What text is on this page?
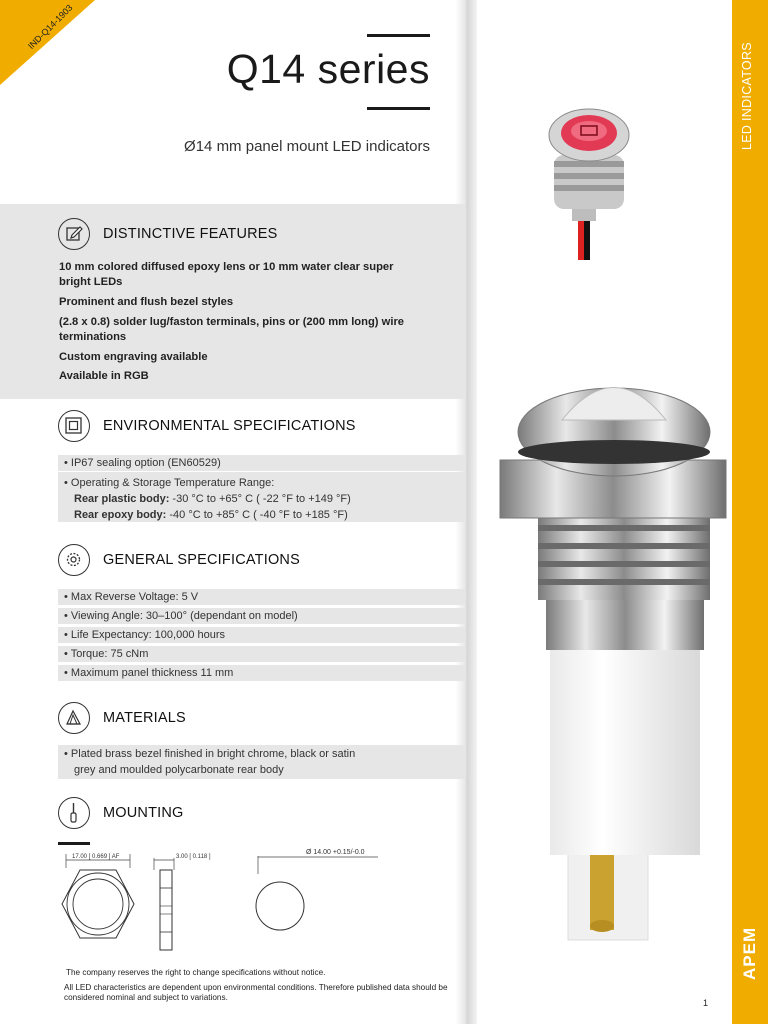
IND-Q14-1903
Q14 series
Ø14 mm panel mount LED indicators
DISTINCTIVE FEATURES
10 mm colored diffused epoxy lens or 10 mm water clear super bright LEDs
Prominent and flush bezel styles
(2.8 x 0.8) solder lug/faston terminals, pins or (200 mm long) wire terminations
Custom engraving available
Available in RGB
ENVIRONMENTAL SPECIFICATIONS
• IP67 sealing option (EN60529)
• Operating & Storage Temperature Range:
Rear plastic body: -30 °C to +65° C ( -22 °F to +149 °F)
Rear epoxy body: -40 °C to +85° C ( -40 °F to +185 °F)
GENERAL SPECIFICATIONS
• Max Reverse Voltage: 5 V
• Viewing Angle: 30–100° (dependant on model)
• Life Expectancy: 100,000 hours
• Torque: 75 cNm
• Maximum panel thickness 11 mm
MATERIALS
• Plated brass bezel finished in bright chrome, black or satin
grey and moulded polycarbonate rear body
MOUNTING
17.00 [ 0.669 ] AF	3.00 [ 0.118 ]
Ø 14.00 +0.15/-0.0
The company reserves the right to change specifications without notice.
All LED characteristics are dependent upon environmental conditions. Therefore published data should be considered nominal and subject to variations.
LED INDICATORS
APEM
1
